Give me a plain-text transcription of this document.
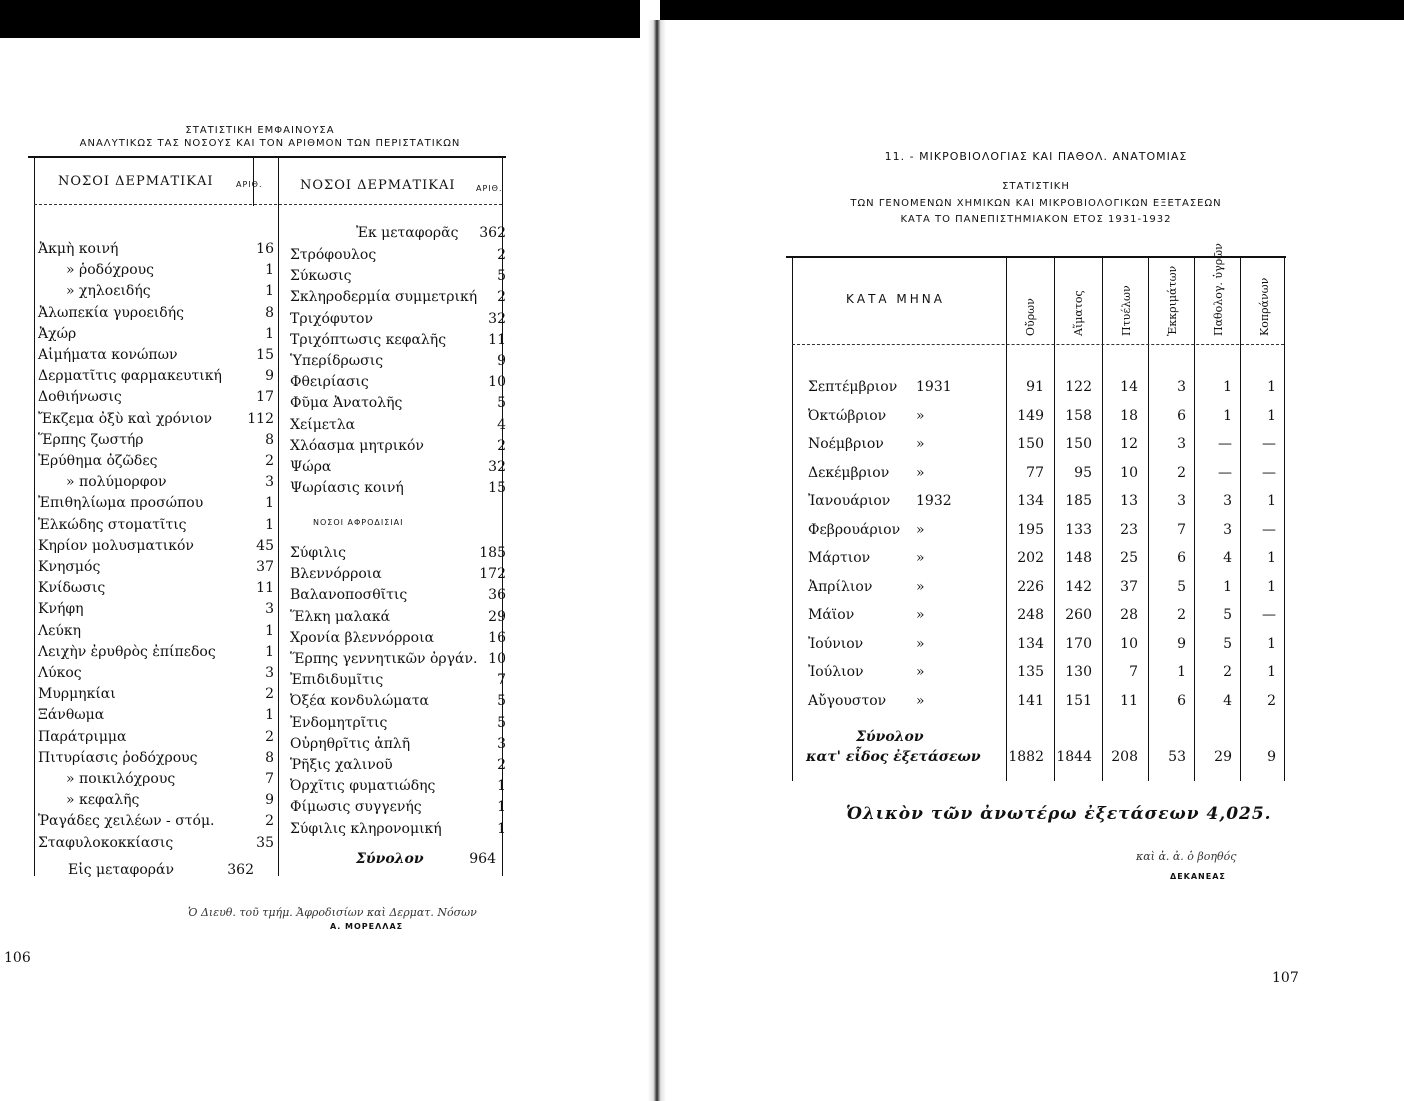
ΣΤΑΤΙΣΤΙΚΗ ΕΜΦΑΙΝΟΥΣΑ
ΑΝΑΛΥΤΙΚΩΣ ΤΑΣ ΝΟΣΟΥΣ ΚΑΙ ΤΟΝ ΑΡΙΘΜΟΝ ΤΩΝ ΠΕΡΙΣΤΑΤΙΚΩΝ
ΝΟΣΟΙ ΔΕΡΜΑΤΙΚΑΙ	ΑΡΙΘ.	ΝΟΣΟΙ ΔΕΡΜΑΤΙΚΑΙ	ΑΡΙΘ.
Ἀκμὴ κοινή	16
» ῥοδόχρους	1
» χηλοειδής	1
Ἀλωπεκία γυροειδής	8
Ἀχώρ	1
Αἱμήματα κονώπων	15
Δερματῖτις φαρμακευτική	9
Δοθιήνωσις	17
Ἔκζεμα ὀξὺ καὶ χρόνιον	112
Ἕρπης ζωστήρ	8
Ἐρύθημα ὀζῶδες	2
» πολύμορφον	3
Ἐπιθηλίωμα προσώπου	1
Ἑλκώδης στοματῖτις	1
Κηρίον μολυσματικόν	45
Κνησμός	37
Κνίδωσις	11
Κνήφη	3
Λεύκη	1
Λειχὴν ἐρυθρὸς ἐπίπεδος	1
Λύκος	3
Μυρμηκίαι	2
Ξάνθωμα	1
Παράτριμμα	2
Πιτυρίασις ῥοδόχρους	8
» ποικιλόχρους	7
» κεφαλῆς	9
Ῥαγάδες χειλέων - στόμ.	2
Σταφυλοκοκκίασις	35
Ἐκ μεταφορᾶς 362
Στρόφουλος	2
Σύκωσις	5
Σκληροδερμία συμμετρική 2
Τριχόφυτον	32
Τριχόπτωσις κεφαλῆς	11
Ὑπερίδρωσις	9
Φθειρίασις	10
Φῦμα Ἀνατολῆς	5
Χείμετλα	4
Χλόασμα μητρικόν	2
Ψώρα	32
Ψωρίασις κοινή	15
Σύφιλις	185
Βλεννόρροια	172
Βαλανοποσθῖτις	36
Ἕλκη μαλακά	29
Χρονία βλεννόρροια	16
Ἕρπης γεννητικῶν ὀργάν. 10
Ἐπιδιδυμῖτις	7
Ὀξέα κονδυλώματα	5
Ἐνδομητρῖτις	5
Οὐρηθρῖτις ἁπλῆ	3
Ῥῆξις χαλινοῦ	2
Ὀρχῖτις φυματιώδης	1
Φίμωσις συγγενής	1
Σύφιλις κληρονομική	1
ΝΟΣΟΙ ΑΦΡΟΔΙΣΙΑΙ
Εἰς μεταφοράν	362
Σύνολον	964
Ὁ Διευθ. τοῦ τμήμ. Ἀφροδισίων καὶ Δερματ. Νόσων
Α. ΜΟΡΕΛΛΑΣ
106
11. - ΜΙΚΡΟΒΙΟΛΟΓΙΑΣ ΚΑΙ ΠΑΘΟΛ. ΑΝΑΤΟΜΙΑΣ
ΣΤΑΤΙΣΤΙΚΗ
ΤΩΝ ΓΕΝΟΜΕΝΩΝ ΧΗΜΙΚΩΝ ΚΑΙ ΜΙΚΡΟΒΙΟΛΟΓΙΚΩΝ ΕΞΕΤΑΣΕΩΝ
ΚΑΤΑ ΤΟ ΠΑΝΕΠΙΣΤΗΜΙΑΚΟΝ ΕΤΟΣ 1931-1932
ΚΑΤΑ ΜΗΝΑ	Οὔρων	Αἵματος	Πτυέλων	Ἐκκριμάτων	Παθολογ. ὑγρῶν	Κοπράνων
Σεπτέμβριον 1931	91	122	14	3	1	1
Ὀκτώβριον »	149	158	18	6	1	1
Νοέμβριον »	150	150	12	3	—	—
Δεκέμβριον »	77	95	10	2	—	—
Ἰανουάριον 1932	134	185	13	3	3	1
Φεβρουάριον »	195	133	23	7	3	—
Μάρτιον	»	202	148	25	6	4	1
Ἀπρίλιον	»	226	142	37	5	1	1
Μάϊον	»	248	260	28	2	5	—
Ἰούνιον	»	134	170	10	9	5	1
Ἰούλιον	»	135	130	7	1	2	1
Αὔγουστον »	141	151	11	6	4	2
Σύνολον
κατ' εἶδος ἐξετάσεων 1882 1844	208	53	29	9
Ὁλικὸν τῶν ἀνωτέρω ἐξετάσεων 4,025.
καὶ ἀ. ἀ. ὁ βοηθός
ΔΕΚΑΝΕΑΣ
107
